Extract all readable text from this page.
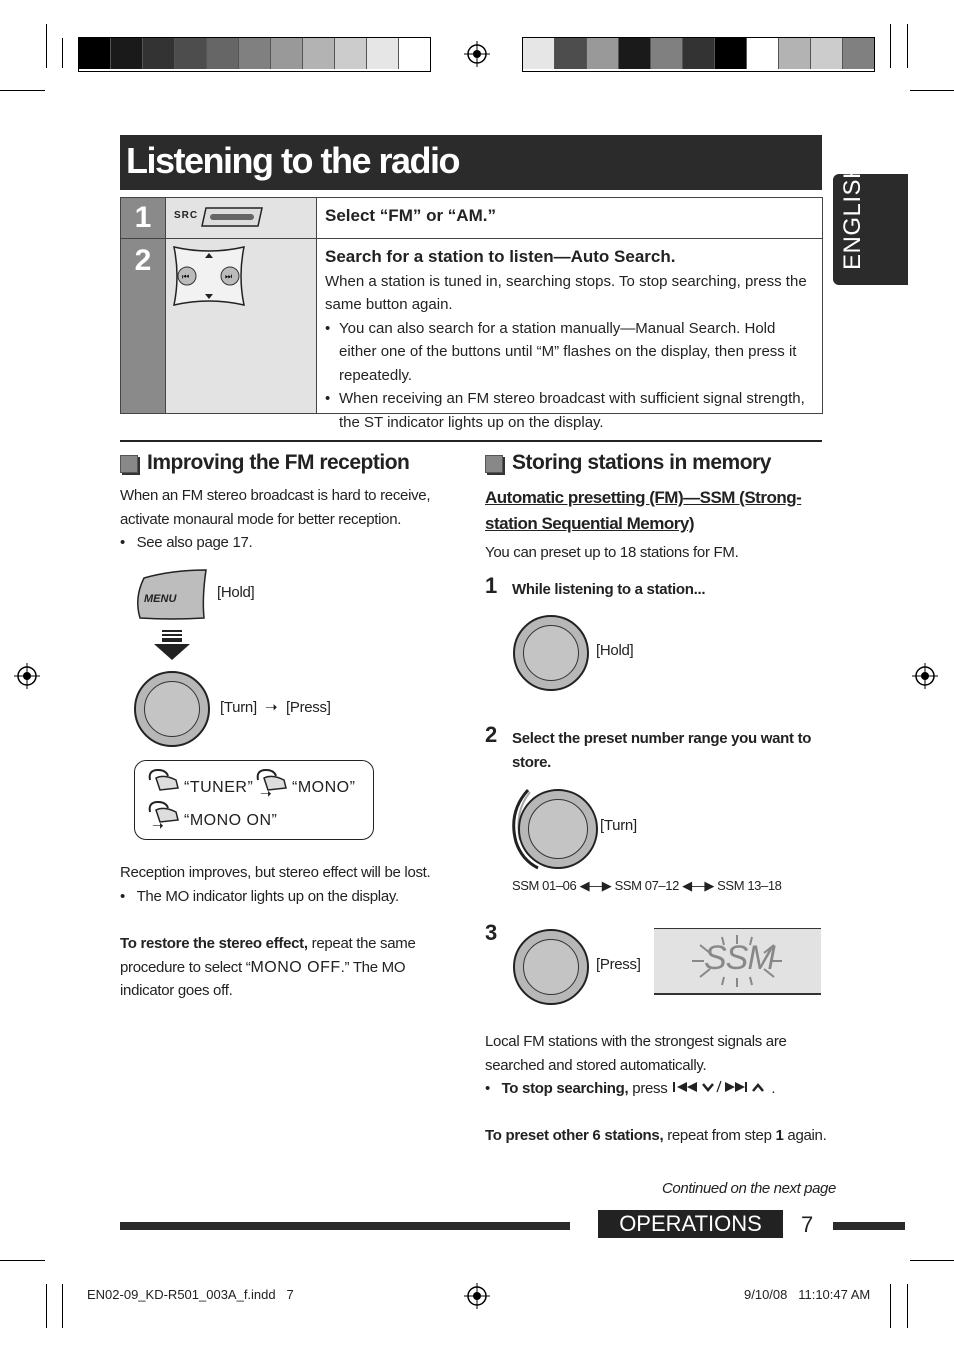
Listening to the radio
ENGLISH
1	SRC	Select “FM” or “AM.”
2	⏮	⏭
Search for a station to listen—Auto Search.
When a station is tuned in, searching stops. To stop searching, press the same button again.
• You can also search for a station manually—Manual Search. Hold either one of the buttons until “M” flashes on the display, then press it repeatedly.
• When receiving an FM stereo broadcast with sufficient signal strength, the ST indicator lights up on the display.
Improving the FM reception
When an FM stereo broadcast is hard to receive, activate monaural mode for better reception.
•   See also page 17.
MENU	[Hold]
[Turn] ➝ [Press]
“TUNER” ➝ “MONO”
➝ “MONO ON”
Reception improves, but stereo effect will be lost.
•   The MO indicator lights up on the display.
To restore the stereo effect, repeat the same procedure to select “MONO OFF.” The MO indicator goes off.
Storing stations in memory
Automatic presetting (FM)—SSM (Strong-
station Sequential Memory)
You can preset up to 18 stations for FM.
1 While listening to a station...
[Hold]
2 Select the preset number range you want to
store.
[Turn]
SSM 01–06 ◀—▶ SSM 07–12 ◀—▶ SSM 13–18
3
[Press] SSM
Local FM stations with the strongest signals are
searched and stored automatically.
•   To stop searching, press	.
To preset other 6 stations, repeat from step 1 again.
Continued on the next page
OPERATIONS	7
EN02-09_KD-R501_003A_f.indd   7	9/10/08   11:10:47 AM
